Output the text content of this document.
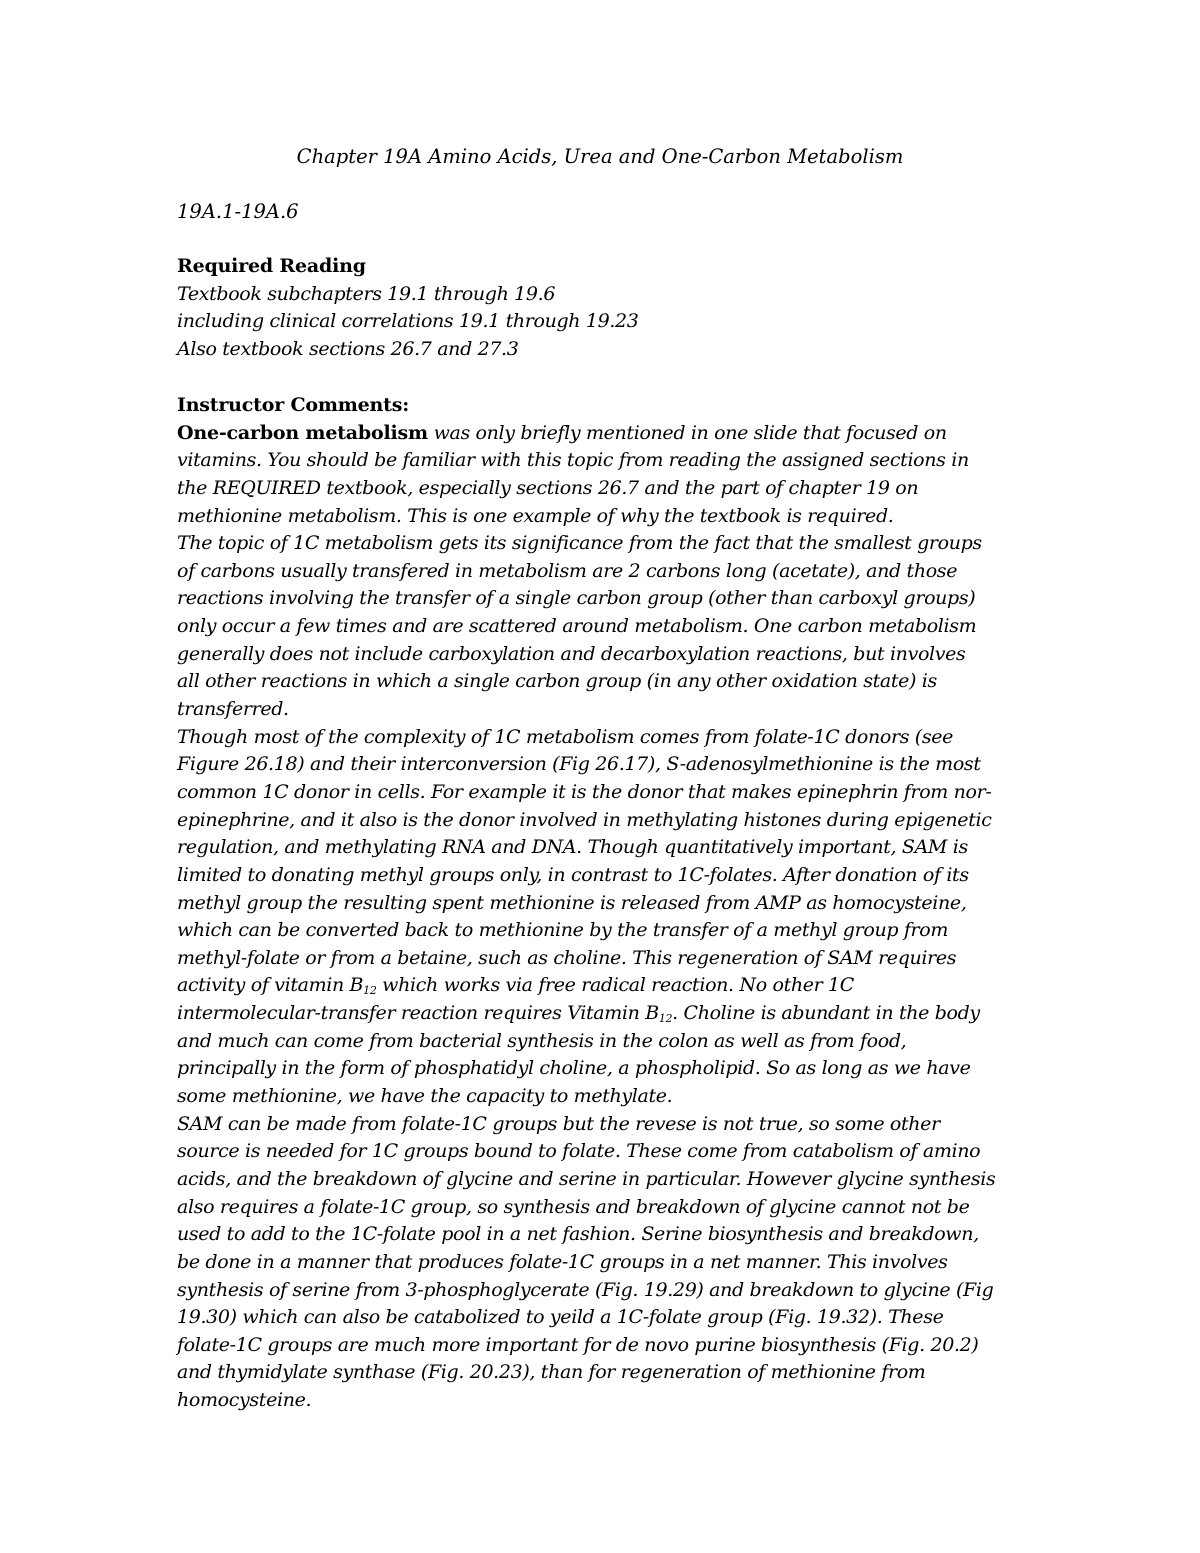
Chapter 19A Amino Acids, Urea and One-Carbon Metabolism
19A.1-19A.6
Required Reading
Textbook subchapters 19.1 through 19.6
including clinical correlations 19.1 through 19.23
Also textbook sections 26.7 and 27.3
Instructor Comments:
One-carbon metabolism was only briefly mentioned in one slide that focused on
vitamins. You should be familiar with this topic from reading the assigned sections in
the REQUIRED textbook, especially sections 26.7 and the part of chapter 19 on
methionine metabolism. This is one example of why the textbook is required.
The topic of 1C metabolism gets its significance from the fact that the smallest groups
of carbons usually transfered in metabolism are 2 carbons long (acetate), and those
reactions involving the transfer of a single carbon group (other than carboxyl groups)
only occur a few times and are scattered around metabolism. One carbon metabolism
generally does not include carboxylation and decarboxylation reactions, but involves
all other reactions in which a single carbon group (in any other oxidation state) is
transferred.
Though most of the complexity of 1C metabolism comes from folate-1C donors (see
Figure 26.18) and their interconversion (Fig 26.17), S-adenosylmethionine is the most
common 1C donor in cells. For example it is the donor that makes epinephrin from nor-
epinephrine, and it also is the donor involved in methylating histones during epigenetic
regulation, and methylating RNA and DNA. Though quantitatively important, SAM is
limited to donating methyl groups only, in contrast to 1C-folates. After donation of its
methyl group the resulting spent methionine is released from AMP as homocysteine,
which can be converted back to methionine by the transfer of a methyl group from
methyl-folate or from a betaine, such as choline. This regeneration of SAM requires
activity of vitamin $B_{12}$ which works via free radical reaction. No other 1C
intermolecular-transfer reaction requires Vitamin $B_{12}$. Choline is abundant in the body
and much can come from bacterial synthesis in the colon as well as from food,
principally in the form of phosphatidyl choline, a phospholipid. So as long as we have
some methionine, we have the capacity to methylate.
SAM can be made from folate-1C groups but the revese is not true, so some other
source is needed for 1C groups bound to folate. These come from catabolism of amino
acids, and the breakdown of glycine and serine in particular. However glycine synthesis
also requires a folate-1C group, so synthesis and breakdown of glycine cannot not be
used to add to the 1C-folate pool in a net fashion. Serine biosynthesis and breakdown,
be done in a manner that produces folate-1C groups in a net manner. This involves
synthesis of serine from 3-phosphoglycerate (Fig. 19.29) and breakdown to glycine (Fig
19.30) which can also be catabolized to yeild a 1C-folate group (Fig. 19.32). These
folate-1C groups are much more important for de novo purine biosynthesis (Fig. 20.2)
and thymidylate synthase (Fig. 20.23), than for regeneration of methionine from
homocysteine.
